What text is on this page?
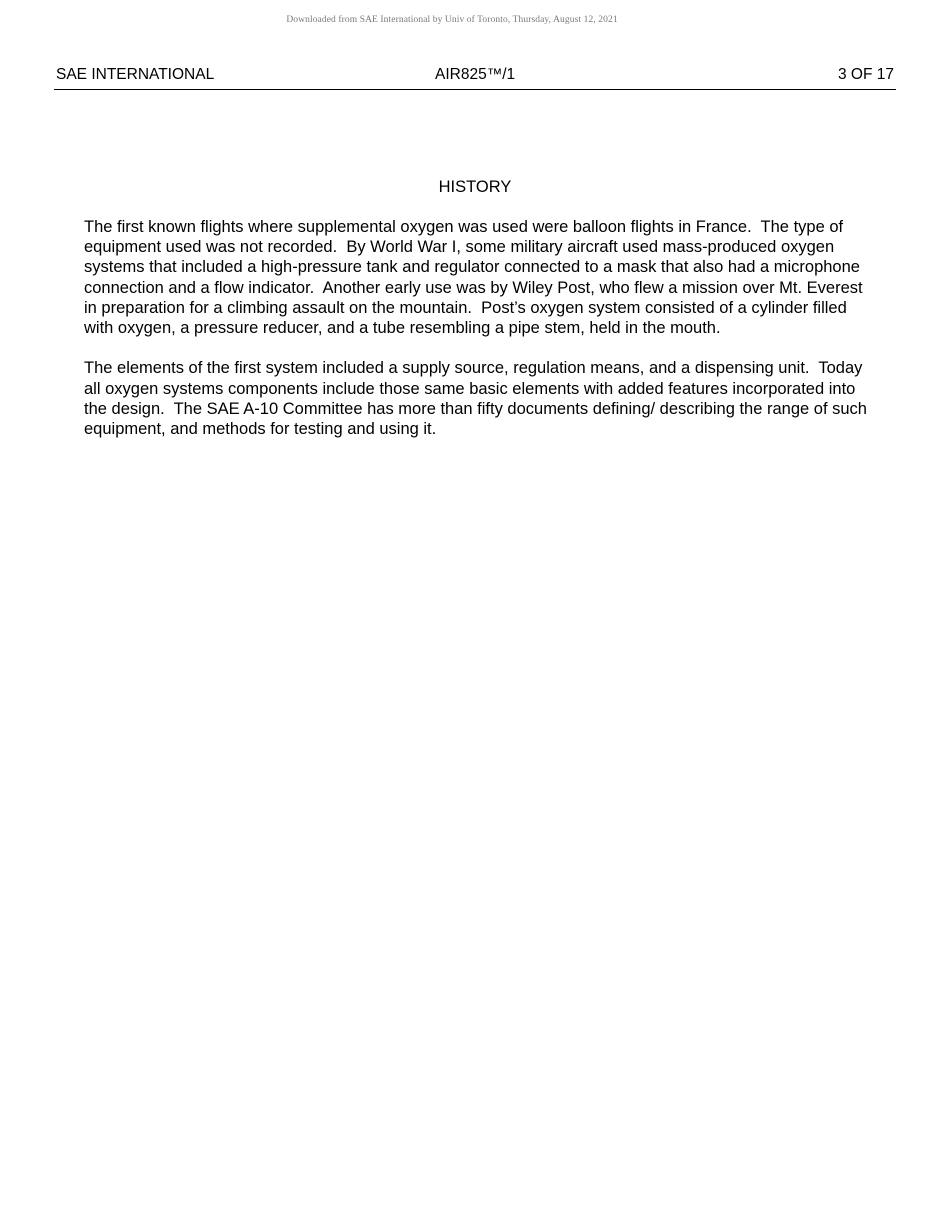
Downloaded from SAE International by Univ of Toronto, Thursday, August 12, 2021
SAE INTERNATIONAL	AIR825™/1	3 OF 17
HISTORY

The first known flights where supplemental oxygen was used were balloon flights in France.  The type of equipment used was not recorded.  By World War I, some military aircraft used mass-produced oxygen systems that included a high-pressure tank and regulator connected to a mask that also had a microphone connection and a flow indicator.  Another early use was by Wiley Post, who flew a mission over Mt. Everest in preparation for a climbing assault on the mountain.  Post’s oxygen system consisted of a cylinder filled with oxygen, a pressure reducer, and a tube resembling a pipe stem, held in the mouth.

The elements of the first system included a supply source, regulation means, and a dispensing unit.  Today all oxygen systems components include those same basic elements with added features incorporated into the design.  The SAE A-10 Committee has more than fifty documents defining/ describing the range of such equipment, and methods for testing and using it.
